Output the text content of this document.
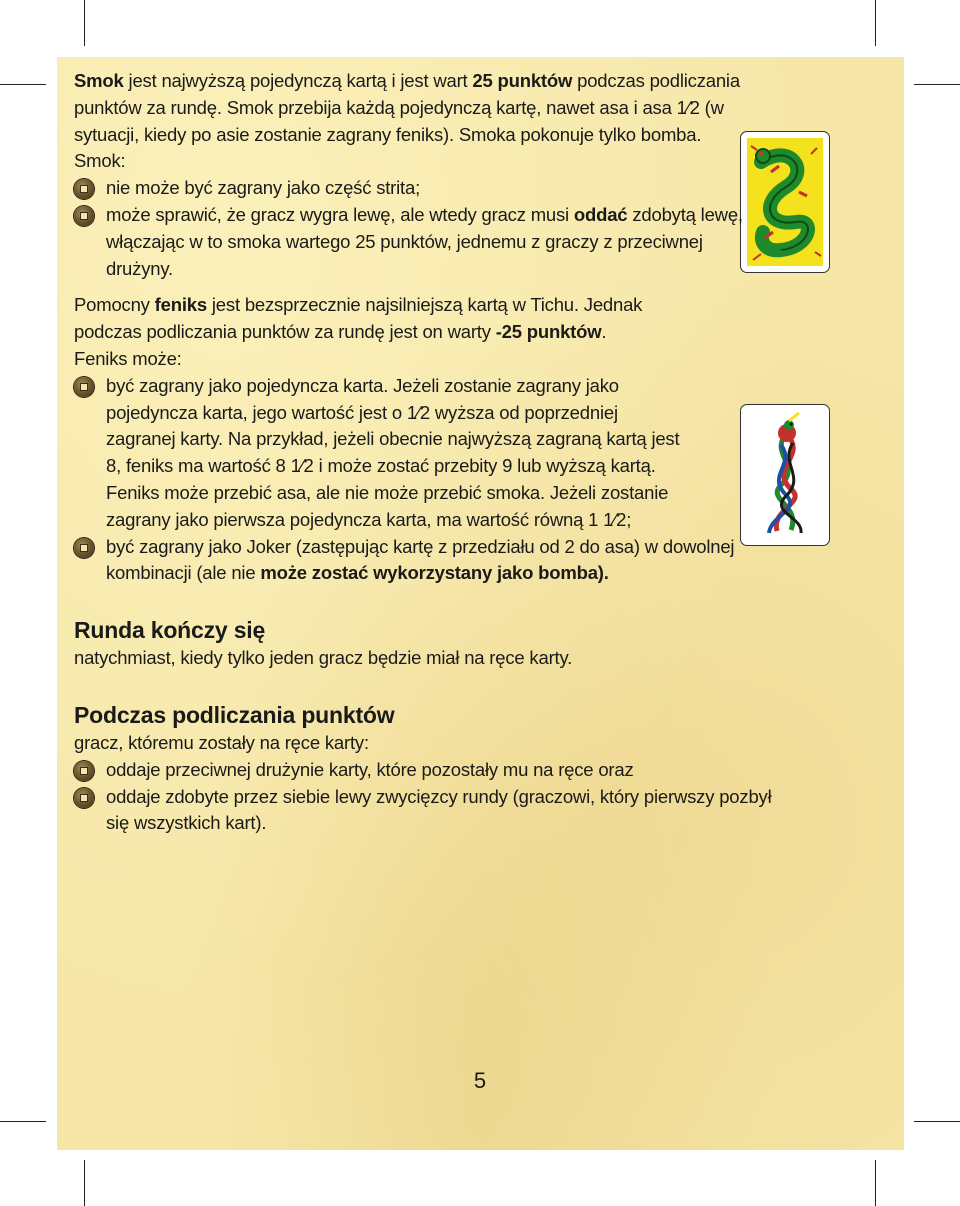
Smok jest najwyższą pojedynczą kartą i jest wart 25 punktów podczas podliczania punktów za rundę. Smok przebija każdą pojedynczą kartę, nawet asa i asa 1⁄2 (w sytuacji, kiedy po asie zostanie zagrany feniks). Smoka pokonuje tylko bomba.

Smok:

nie może być zagrany jako część strita;

może sprawić, że gracz wygra lewę, ale wtedy gracz musi oddać zdobytą lewę, włączając w to smoka wartego 25 punktów, jednemu z graczy z przeciwnej drużyny.

Pomocny feniks jest bezsprzecznie najsilniejszą kartą w Tichu. Jednak podczas podliczania punktów za rundę jest on warty -25 punktów.

Feniks może:

być zagrany jako pojedyncza karta. Jeżeli zostanie zagrany jako pojedyncza karta, jego wartość jest o 1⁄2 wyższa od poprzedniej zagranej karty. Na przykład, jeżeli obecnie najwyższą zagraną kartą jest 8, feniks ma wartość 8 1⁄2 i może zostać przebity 9 lub wyższą kartą. Feniks może przebić asa, ale nie może przebić smoka. Jeżeli zostanie zagrany jako pierwsza pojedyncza karta, ma wartość równą 1 1⁄2;

być zagrany jako Joker (zastępując kartę z przedziału od 2 do asa) w dowolnej kombinacji (ale nie może zostać wykorzystany jako bomba).

Runda kończy się

natychmiast, kiedy tylko jeden gracz będzie miał na ręce karty.

Podczas podliczania punktów

gracz, któremu zostały na ręce karty:

oddaje przeciwnej drużynie karty, które pozostały mu na ręce oraz

oddaje zdobyte przez siebie lewy zwycięzcy rundy (graczowi, który pierwszy pozbył się wszystkich kart).

5
